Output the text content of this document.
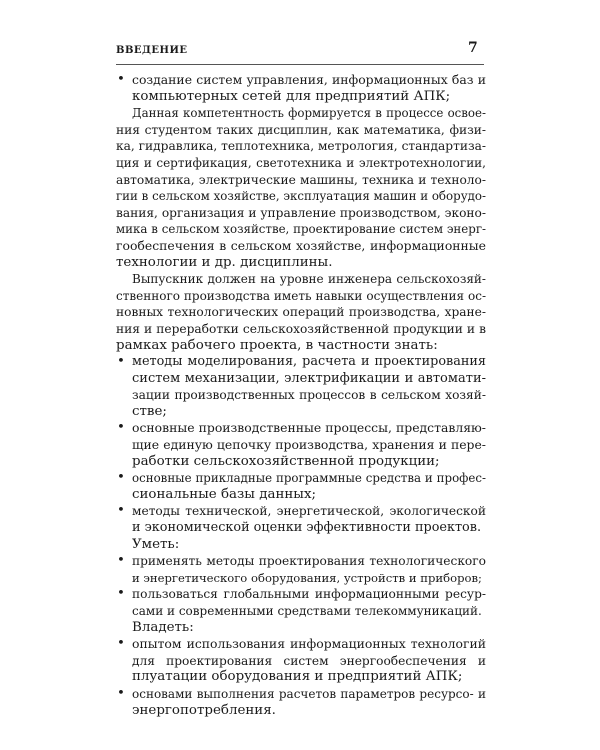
ВВЕДЕНИЕ	7
• создание систем управления, информационных баз и
компьютерных сетей для предприятий АПК;
Данная компетентность формируется в процессе освое-
ния студентом таких дисциплин, как математика, физи-
ка, гидравлика, теплотехника, метрология, стандартиза-
ция и сертификация, светотехника и электротехнологии,
автоматика, электрические машины, техника и техноло-
гии в сельском хозяйстве, эксплуатация машин и оборудо-
вания, организация и управление производством, эконо-
мика в сельском хозяйстве, проектирование систем энерг-
гообеспечения в сельском хозяйстве, информационные
технологии и др. дисциплины.
Выпускник должен на уровне инженера сельскохозяй-
ственного производства иметь навыки осуществления ос-
новных технологических операций производства, хране-
ния и переработки сельскохозяйственной продукции и в
рамках рабочего проекта, в частности знать:
• методы моделирования, расчета и проектирования
систем механизации, электрификации и автомати-
зации производственных процессов в сельском хозяй-
стве;
• основные производственные процессы, представляю-
щие единую цепочку производства, хранения и пере-
работки сельскохозяйственной продукции;
• основные прикладные программные средства и профес-
сиональные базы данных;
• методы технической, энергетической, экологической
и экономической оценки эффективности проектов.
Уметь:
• применять методы проектирования технологического
и энергетического оборудования, устройств и приборов;
• пользоваться глобальными информационными ресур-
сами и современными средствами телекоммуникаций.
Владеть:
• опытом использования информационных технологий
для проектирования систем энергообеспечения и
плуатации оборудования и предприятий АПК;
• основами выполнения расчетов параметров ресурсо- и
энергопотребления.
